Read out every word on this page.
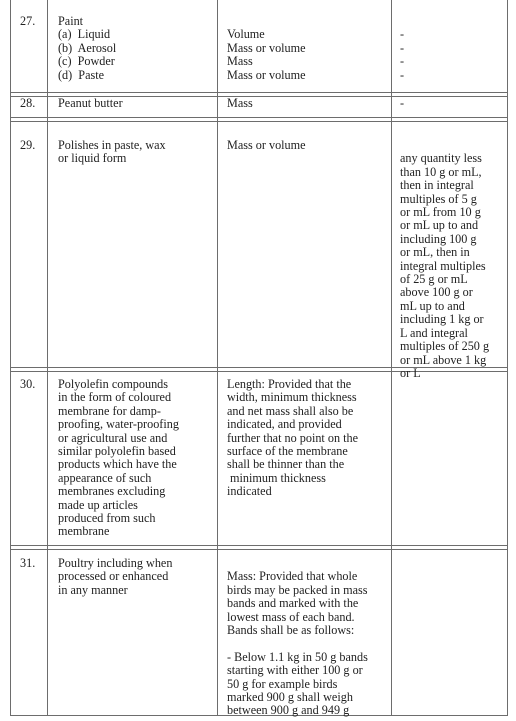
27. Paint
(a)  Liquid
(b)  Aerosol
(c)  Powder
(d)  Paste

Volume
Mass or volume
Mass
Mass or volume

-
-
-
-
28. Peanut butter	Mass	-
29. Polishes in paste, wax
or liquid form
Mass or volume

any quantity less
than 10 g or mL,
then in integral
multiples of 5 g
or mL from 10 g
or mL up to and
including 100 g
or mL, then in
integral multiples
of 25 g or mL
above 100 g or
mL up to and
including 1 kg or
L and integral
multiples of 250 g
or mL above 1 kg
or L
30. Polyolefin compounds
in the form of coloured
membrane for damp-
proofing, water-proofing
or agricultural use and
similar polyolefin based
products which have the
appearance of such
membranes excluding
made up articles
produced from such
membrane
Length: Provided that the
width, minimum thickness
and net mass shall also be
indicated, and provided
further that no point on the
surface of the membrane
shall be thinner than the
minimum thickness
indicated
31. Poultry including when
processed or enhanced
in any manner

Mass: Provided that whole
birds may be packed in mass
bands and marked with the
lowest mass of each band.
Bands shall be as follows:

- Below 1.1 kg in 50 g bands
starting with either 100 g or
50 g for example birds
marked 900 g shall weigh
between 900 g and 949 g
